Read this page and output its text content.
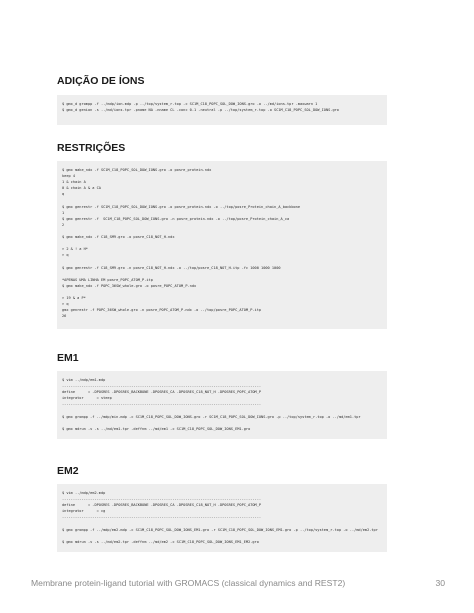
ADIÇÃO DE ÍONS
$ gmx_d grompp -f ../mdp/ion.mdp -p ../top/system_r.top -c SC1M_C18_POPC_SOL_DOW_IONS.gro -o ../md/ions.tpr -maxwarn 1
$ gmx_d genion -s ../md/ions.tpr -pname NA -nname CL -conc 0.1 -neutral -p ../top/system_r.top -o SC1M_C18_POPC_SOL_DOW_IONS.gro
RESTRIÇÕES
$ gmx make_ndx -f SC1M_C18_POPC_SOL_DOW_IONS.gro -o posre_protein.ndx
keep 4
1 & chain A
0 & chain A & a CA
q
$ gmx genrestr -f SC1M_C18_POPC_SOL_DOW_IONS.gro -o posre_protein.ndx -o ../top/posre_Protein_chain_A_backbone
1
$ gmx genrestr -f  SC1M_C18_POPC_SOL_DOW_IONS.gro -n posre_protein.ndx -o ../top/posre_Protein_chain_A_ca
2
$ gmx make_ndx -f C18_SM9.gro -o posre_C18_NOT_H.ndx
> 2 & ! a H*
> q
$ gmx genrestr -f C18_SM9.gro -n posre_C18_NOT_H.ndx -o ../top/posre_C18_NOT_H.itp -fc 1000 1000 1000
*APENAS UMA LINHA EM posre_POPC_ATOM_P.itp
$ gmx make_ndx -f POPC_36SW_whole.gro -o posre_POPC_ATOM_P.ndx
> 19 & a P*
> q
gmx genrestr -f POPC_36SW_whole.gro -n posre_POPC_ATOM_P.ndx -o ../top/posre_POPC_ATOM_P.itp
26
EM1
$ vim ../mdp/em1.mdp
--------------------------------------------------------------------------------------------
define      = -DPOSRES -DPOSRES_BACKBONE -DPOSRES_CA -DPOSRES_C18_NOT_H -DPOSRES_POPC_ATOM_P
integrator      = steep
--------------------------------------------------------------------------------------------
$ gmx grompp -f ../mdp/min.mdp -c SC1M_C18_POPC_SOL_DOW_IONS.gro -r SC1M_C18_POPC_SOL_DOW_IONS.gro -p ../top/system_r.top -o ../md/em1.tpr
$ gmx mdrun -v -s ../md/em1.tpr -deffnm ../md/em1 -c SC1M_C18_POPC_SOL_DOW_IONS_EM1.gro
EM2
$ vim ../mdp/em2.mdp
--------------------------------------------------------------------------------------------
define      = -DPOSRES -DPOSRES_BACKBONE -DPOSRES_CA -DPOSRES_C18_NOT_H -DPOSRES_POPC_ATOM_P
integrator      = cg
--------------------------------------------------------------------------------------------
$ gmx grompp -f ../mdp/em2.mdp -c SC1M_C18_POPC_SOL_DOW_IONS_EM1.gro -r SC1M_C18_POPC_SOL_DOW_IONS_EM1.gro -p ../top/system_r.top -o ../md/em2.tpr
$ gmx mdrun -v -s ../md/em2.tpr -deffnm ../md/em2 -c SC1M_C18_POPC_SOL_DOW_IONS_EM1_EM2.gro
Membrane protein-ligand tutorial with GROMACS (classical dynamics and REST2)	30
